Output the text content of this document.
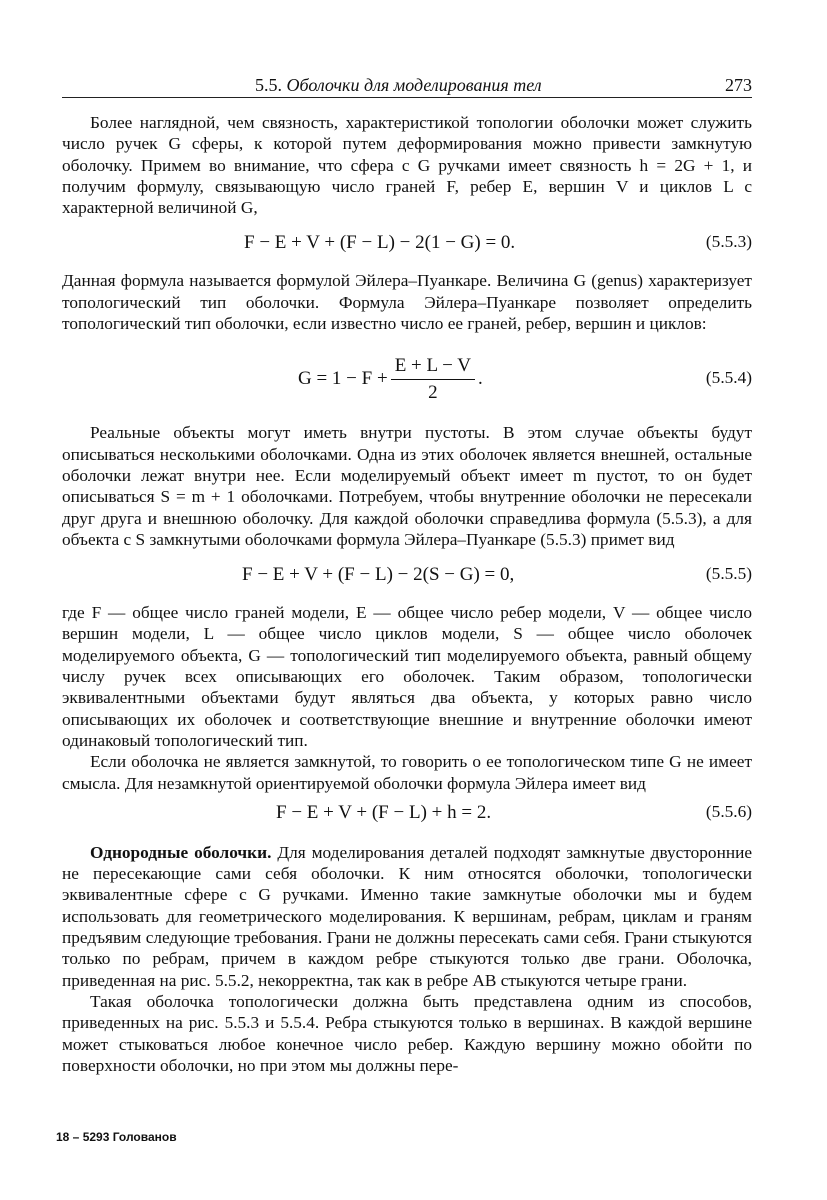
5.5. Оболочки для моделирования тел	273

Более наглядной, чем связность, характеристикой топологии оболочки может служить число ручек G сферы, к которой путем деформирования можно привести замкнутую оболочку. Примем во внимание, что сфера с G ручками имеет связность h = 2G + 1, и получим формулу, связывающую число граней F, ребер E, вершин V и циклов L с характерной величиной G,

F − E + V + (F − L) − 2(1 − G) = 0.	(5.5.3)

Данная формула называется формулой Эйлера–Пуанкаре. Величина G (genus) характеризует топологический тип оболочки. Формула Эйлера–Пуанкаре позволяет определить топологический тип оболочки, если известно число ее граней, ребер, вершин и циклов:

$G = 1 - F + \frac{E + L - V}{2}$ .	(5.5.4)

Реальные объекты могут иметь внутри пустоты. В этом случае объекты будут описываться несколькими оболочками. Одна из этих оболочек является внешней, остальные оболочки лежат внутри нее. Если моделируемый объект имеет m пустот, то он будет описываться S = m + 1 оболочками. Потребуем, чтобы внутренние оболочки не пересекали друг друга и внешнюю оболочку. Для каждой оболочки справедлива формула (5.5.3), а для объекта с S замкнутыми оболочками формула Эйлера–Пуанкаре (5.5.3) примет вид

F − E + V + (F − L) − 2(S − G) = 0,	(5.5.5)

где F — общее число граней модели, E — общее число ребер модели, V — общее число вершин модели, L — общее число циклов модели, S — общее число оболочек моделируемого объекта, G — топологический тип моделируемого объекта, равный общему числу ручек всех описывающих его оболочек. Таким образом, топологически эквивалентными объектами будут являться два объекта, у которых равно число описывающих их оболочек и соответствующие внешние и внутренние оболочки имеют одинаковый топологический тип.

Если оболочка не является замкнутой, то говорить о ее топологическом типе G не имеет смысла. Для незамкнутой ориентируемой оболочки формула Эйлера имеет вид

F − E + V + (F − L) + h = 2.	(5.5.6)

Однородные оболочки. Для моделирования деталей подходят замкнутые двусторонние не пересекающие сами себя оболочки. К ним относятся оболочки, топологически эквивалентные сфере с G ручками. Именно такие замкнутые оболочки мы и будем использовать для геометрического моделирования. К вершинам, ребрам, циклам и граням предъявим следующие требования. Грани не должны пересекать сами себя. Грани стыкуются только по ребрам, причем в каждом ребре стыкуются только две грани. Оболочка, приведенная на рис. 5.5.2, некорректна, так как в ребре AB стыкуются четыре грани.

Такая оболочка топологически должна быть представлена одним из способов, приведенных на рис. 5.5.3 и 5.5.4. Ребра стыкуются только в вершинах. В каждой вершине может стыковаться любое конечное число ребер. Каждую вершину можно обойти по поверхности оболочки, но при этом мы должны пере-

18 – 5293 Голованов
